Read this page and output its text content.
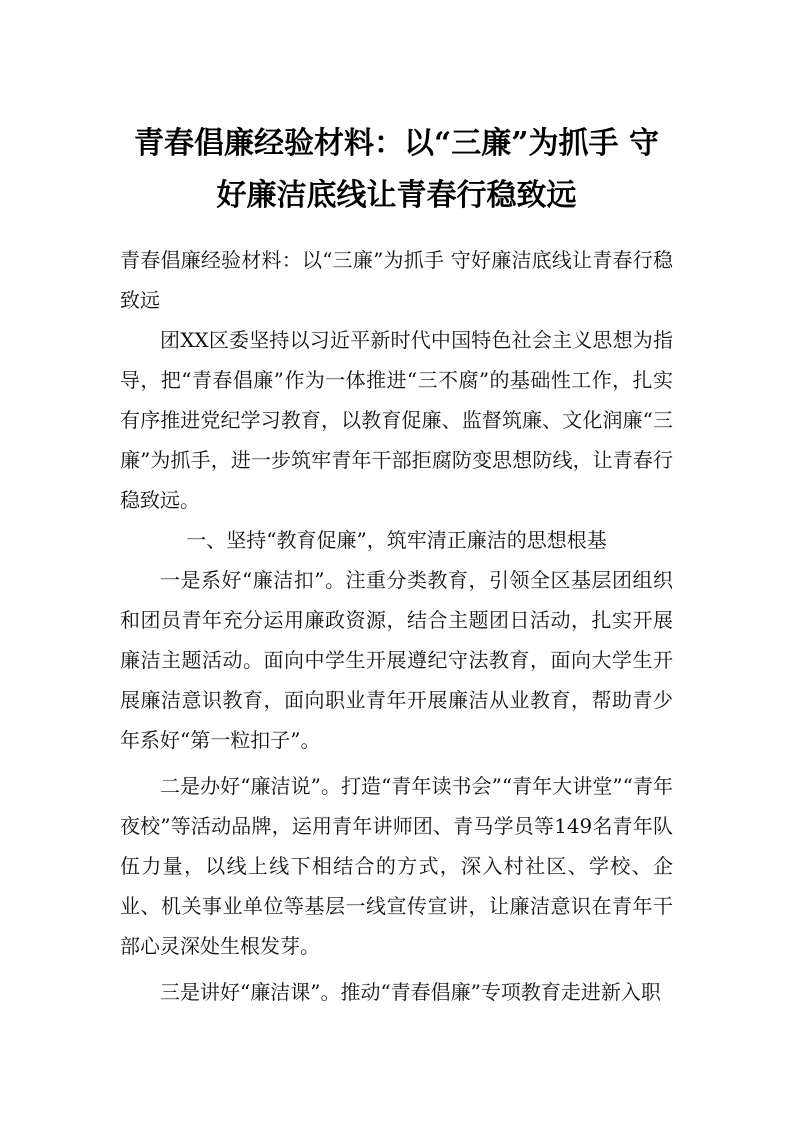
青春倡廉经验材料：以“三廉”为抓手 守好廉洁底线让青春行稳致远

青春倡廉经验材料：以“三廉”为抓手 守好廉洁底线让青春行稳致远

团XX区委坚持以习近平新时代中国特色社会主义思想为指导，把“青春倡廉”作为一体推进“三不腐”的基础性工作，扎实有序推进党纪学习教育，以教育促廉、监督筑廉、文化润廉“三廉”为抓手，进一步筑牢青年干部拒腐防变思想防线，让青春行稳致远。

一、坚持“教育促廉”，筑牢清正廉洁的思想根基

一是系好“廉洁扣”。注重分类教育，引领全区基层团组织和团员青年充分运用廉政资源，结合主题团日活动，扎实开展廉洁主题活动。面向中学生开展遵纪守法教育，面向大学生开展廉洁意识教育，面向职业青年开展廉洁从业教育，帮助青少年系好“第一粒扣子”。

二是办好“廉洁说”。打造“青年读书会”“青年大讲堂”“青年夜校”等活动品牌，运用青年讲师团、青马学员等149名青年队伍力量，以线上线下相结合的方式，深入村社区、学校、企业、机关事业单位等基层一线宣传宣讲，让廉洁意识在青年干部心灵深处生根发芽。

三是讲好“廉洁课”。推动“青春倡廉”专项教育走进新入职
